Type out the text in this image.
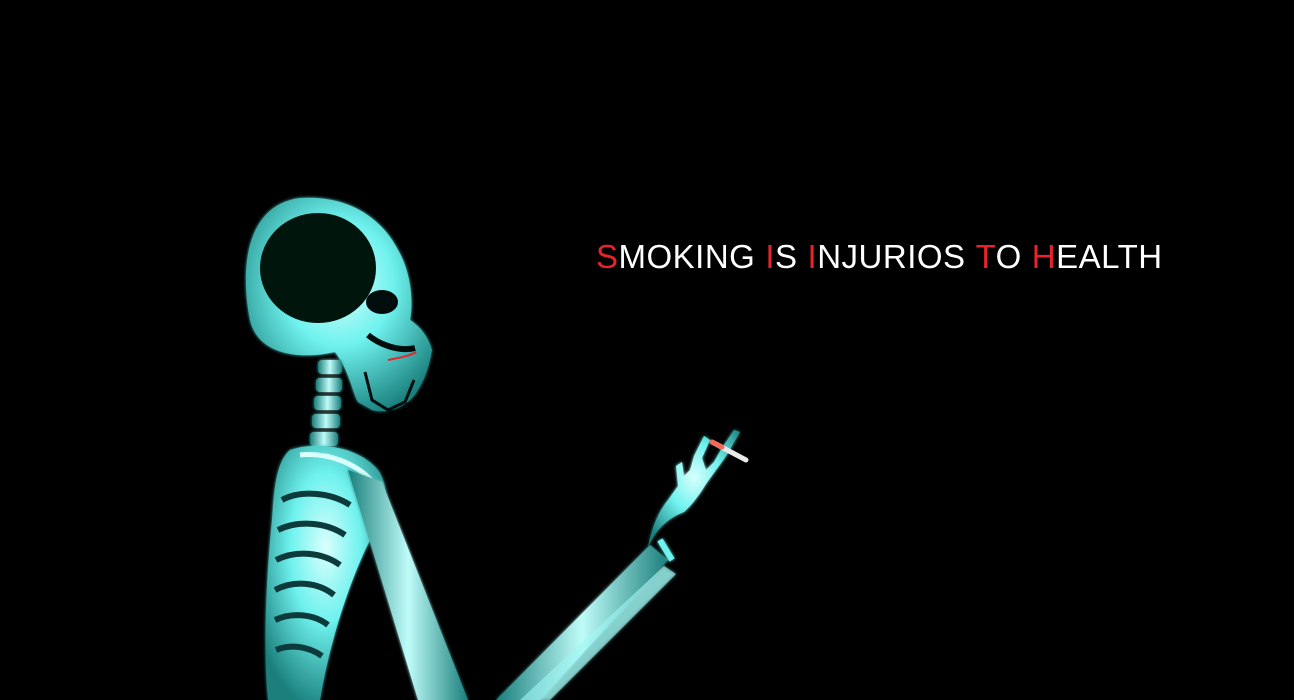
SMOKING IS INJURIOS TO HEALTH
